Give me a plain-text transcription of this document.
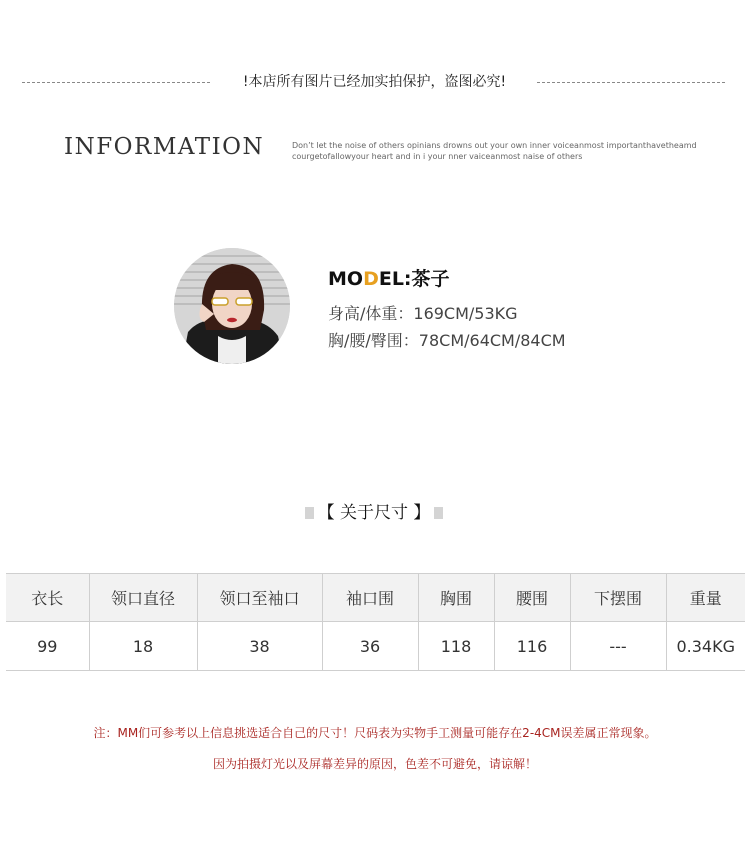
!本店所有图片已经加实拍保护，盗图必究!
INFORMATION	Don’t let the noise of others opinians drowns out your own inner voiceanmost importanthavetheamd
courgetofallowyour heart and in i your nner vaiceanmost naise of others
MODEL:茶子
身高/体重：169CM/53KG
胸/腰/臀围：78CM/64CM/84CM
【 关于尺寸 】
衣长	领口直径	领口至袖口	袖口围	胸围	腰围	下摆围	重量
99	18	38	36	118	116	---	0.34KG
注：MM们可参考以上信息挑选适合自己的尺寸！尺码表为实物手工测量可能存在2-4CM误差属正常现象。
因为拍摄灯光以及屏幕差异的原因，色差不可避免，请谅解！
